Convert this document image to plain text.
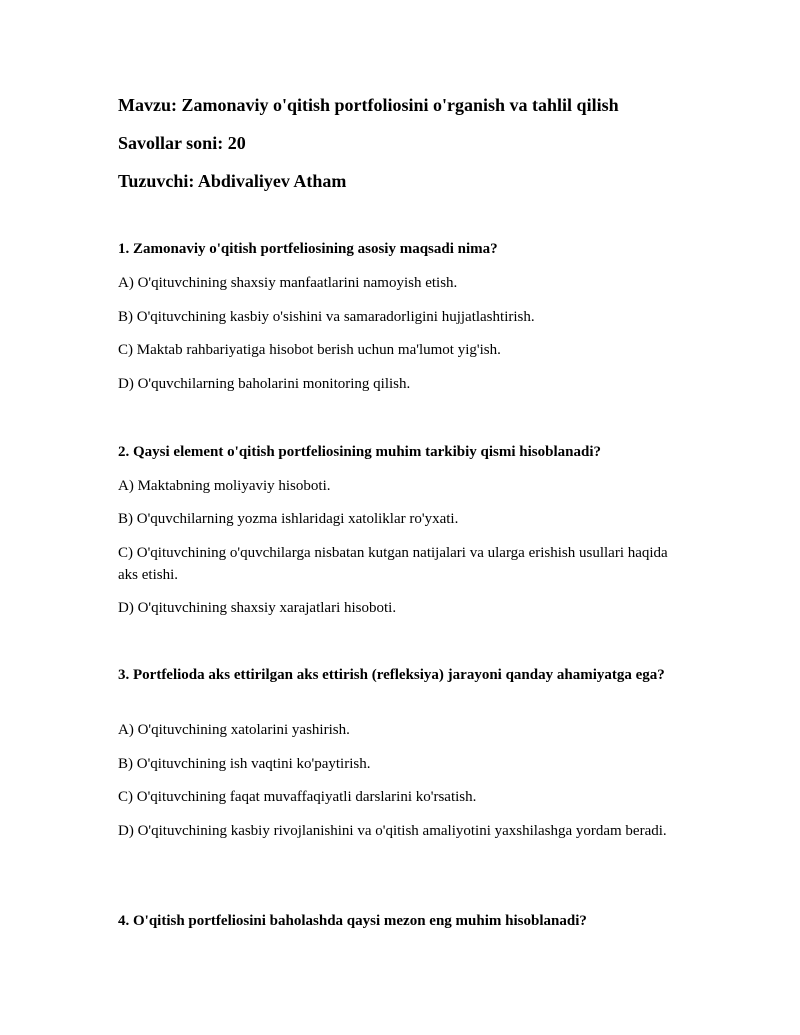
Mavzu: Zamonaviy o'qitish portfoliosini o'rganish va tahlil qilish
Savollar soni: 20
Tuzuvchi: Abdivaliyev Atham
1. Zamonaviy o'qitish portfeliosining asosiy maqsadi nima?
A) O'qituvchining shaxsiy manfaatlarini namoyish etish.
B) O'qituvchining kasbiy o'sishini va samaradorligini hujjatlashtirish.
C) Maktab rahbariyatiga hisobot berish uchun ma'lumot yig'ish.
D) O'quvchilarning baholarini monitoring qilish.
2. Qaysi element o'qitish portfeliosining muhim tarkibiy qismi hisoblanadi?
A) Maktabning moliyaviy hisoboti.
B) O'quvchilarning yozma ishlaridagi xatoliklar ro'yxati.
C) O'qituvchining o'quvchilarga nisbatan kutgan natijalari va ularga erishish usullari haqida aks etishi.
D) O'qituvchining shaxsiy xarajatlari hisoboti.
3. Portfelioda aks ettirilgan aks ettirish (refleksiya) jarayoni qanday ahamiyatga ega?
A) O'qituvchining xatolarini yashirish.
B) O'qituvchining ish vaqtini ko'paytirish.
C) O'qituvchining faqat muvaffaqiyatli darslarini ko'rsatish.
D) O'qituvchining kasbiy rivojlanishini va o'qitish amaliyotini yaxshilashga yordam beradi.
4. O'qitish portfeliosini baholashda qaysi mezon eng muhim hisoblanadi?
